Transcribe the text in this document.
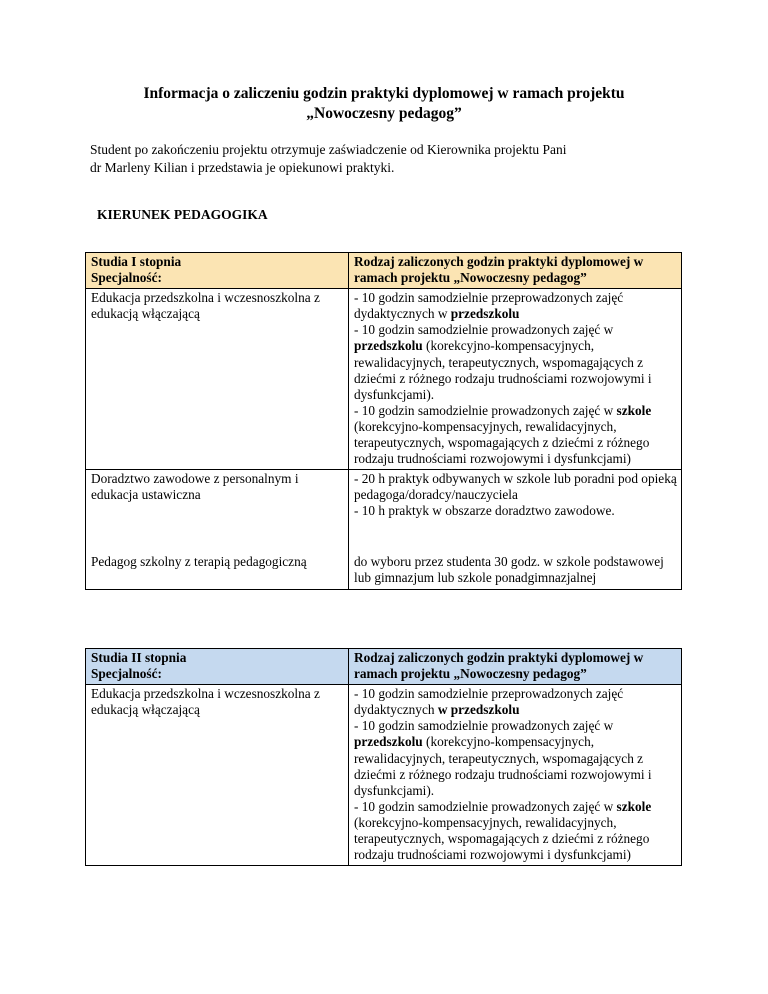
Informacja o zaliczeniu godzin praktyki dyplomowej w ramach projektu
„Nowoczesny pedagog”
Student po zakończeniu projektu otrzymuje zaświadczenie od Kierownika projektu Pani
dr Marleny Kilian i przedstawia je opiekunowi praktyki.
KIERUNEK PEDAGOGIKA
Studia I stopnia
Specjalność:	Rodzaj zaliczonych godzin praktyki dyplomowej w ramach projektu „Nowoczesny pedagog”
Edukacja przedszkolna i wczesnoszkolna z edukacją włączającą	- 10 godzin samodzielnie przeprowadzonych zajęć dydaktycznych w przedszkolu
- 10 godzin samodzielnie prowadzonych zajęć w przedszkolu (korekcyjno-kompensacyjnych, rewalidacyjnych, terapeutycznych, wspomagających z dziećmi z różnego rodzaju trudnościami rozwojowymi i dysfunkcjami).
- 10 godzin samodzielnie prowadzonych zajęć w szkole (korekcyjno-kompensacyjnych, rewalidacyjnych, terapeutycznych, wspomagających z dziećmi z różnego rodzaju trudnościami rozwojowymi i dysfunkcjami)
Doradztwo zawodowe z personalnym i edukacja ustawiczna	- 20 h praktyk odbywanych w szkole lub poradni pod opieką pedagoga/doradcy/nauczyciela
- 10 h praktyk w obszarze doradztwo zawodowe.

Pedagog szkolny z terapią pedagogiczną	do wyboru przez studenta 30 godz. w szkole podstawowej lub gimnazjum lub szkole ponadgimnazjalnej
Studia II stopnia
Specjalność:	Rodzaj zaliczonych godzin praktyki dyplomowej w ramach projektu „Nowoczesny pedagog”
Edukacja przedszkolna i wczesnoszkolna z edukacją włączającą	- 10 godzin samodzielnie przeprowadzonych zajęć dydaktycznych w przedszkolu
- 10 godzin samodzielnie prowadzonych zajęć w przedszkolu (korekcyjno-kompensacyjnych, rewalidacyjnych, terapeutycznych, wspomagających z dziećmi z różnego rodzaju trudnościami rozwojowymi i dysfunkcjami).
- 10 godzin samodzielnie prowadzonych zajęć w szkole (korekcyjno-kompensacyjnych, rewalidacyjnych, terapeutycznych, wspomagających z dziećmi z różnego rodzaju trudnościami rozwojowymi i dysfunkcjami)
